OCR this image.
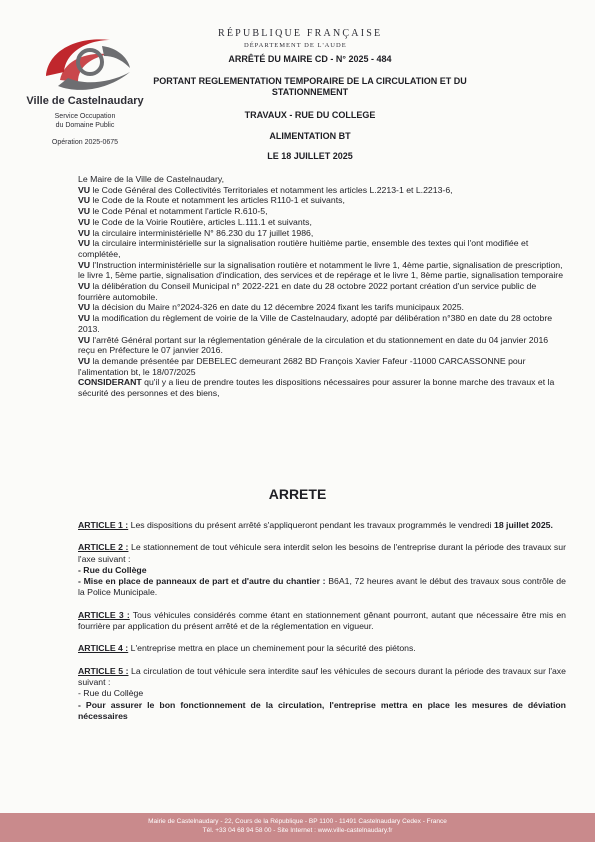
Ville de Castelnaudary
Service Occupation
du Domaine Public
Opération 2025-0675
RÉPUBLIQUE FRANÇAISE
DÉPARTEMENT DE L'AUDE
ARRÊTÉ DU MAIRE CD - N° 2025 - 484
PORTANT REGLEMENTATION TEMPORAIRE DE LA CIRCULATION ET DU
STATIONNEMENT
TRAVAUX - RUE DU COLLEGE
ALIMENTATION BT
LE 18 JUILLET 2025

Le Maire de la Ville de Castelnaudary,

VU le Code Général des Collectivités Territoriales et notamment les articles L.2213-1 et L.2213-6,

VU le Code de la Route et notamment les articles R110-1 et suivants,

VU le Code Pénal et notamment l'article R.610-5,

VU le Code de la Voirie Routière, articles L.111.1 et suivants,

VU la circulaire interministérielle N° 86.230 du 17 juillet 1986,

VU la circulaire interministérielle sur la signalisation routière huitième partie, ensemble des textes qui l'ont modifiée et complétée,

VU l'Instruction interministérielle sur la signalisation routière et notamment le livre 1, 4ème partie, signalisation de prescription, le livre 1, 5ème partie, signalisation d'indication, des services et de repérage et le livre 1, 8ème partie, signalisation temporaire

VU la délibération du Conseil Municipal n° 2022-221 en date du 28 octobre 2022 portant création d'un service public de fourrière automobile.

VU la décision du Maire n°2024-326 en date du 12 décembre 2024 fixant les tarifs municipaux 2025.

VU la modification du règlement de voirie de la Ville de Castelnaudary, adopté par délibération n°380 en date du 28 octobre 2013.

VU l'arrêté Général portant sur la réglementation générale de la circulation et du stationnement en date du 04 janvier 2016 reçu en Préfecture le 07 janvier 2016.

VU la demande présentée par DEBELEC demeurant 2682 BD François Xavier Fafeur -11000 CARCASSONNE pour l'alimentation bt, le 18/07/2025

CONSIDERANT qu'il y a lieu de prendre toutes les dispositions nécessaires pour assurer la bonne marche des travaux et la sécurité des personnes et des biens,

ARRETE

ARTICLE 1 : Les dispositions du présent arrêté s'appliqueront pendant les travaux programmés le vendredi 18 juillet 2025.

ARTICLE 2 : Le stationnement de tout véhicule sera interdit selon les besoins de l'entreprise durant la période des travaux sur l'axe suivant :

- Rue du Collège

- Mise en place de panneaux de part et d'autre du chantier : B6A1, 72 heures avant le début des travaux sous contrôle de la Police Municipale.

ARTICLE 3 : Tous véhicules considérés comme étant en stationnement gênant pourront, autant que nécessaire être mis en fourrière par application du présent arrêté et de la réglementation en vigueur.

ARTICLE 4 : L'entreprise mettra en place un cheminement pour la sécurité des piétons.

ARTICLE 5 : La circulation de tout véhicule sera interdite sauf les véhicules de secours durant la période des travaux sur l'axe suivant :

- Rue du Collège

- Pour assurer le bon fonctionnement de la circulation, l'entreprise mettra en place les mesures de déviation nécessaires

Mairie de Castelnaudary - 22, Cours de la République - BP 1100 - 11491 Castelnaudary Cedex - France
Tél. +33 04 68 94 58 00 - Site Internet : www.ville-castelnaudary.fr
